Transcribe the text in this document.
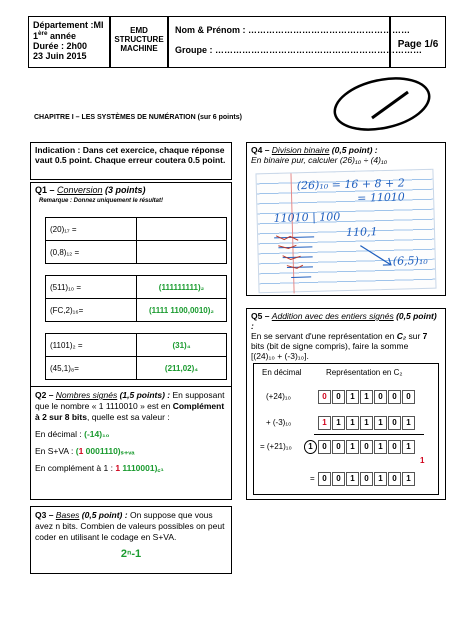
Département :MI
1ère année
Durée : 2h00
23 Juin 2015
EMD
STRUCTURE
MACHINE
Nom & Prénom : ………………………………………………
Groupe : ……………………………………………………………
Page 1/6
CHAPITRE I – LES SYSTÈMES DE NUMÉRATION (sur 6 points)
Indication : Dans cet exercice, chaque réponse vaut 0.5 point. Chaque erreur coutera 0.5 point.
Q1 – Conversion (3 points)
Remarque : Donnez uniquement le résultat!
(20)₁₇ =	
(0,8)₁₂ =	
(511)₁₀ =	(111111111)₂
(FC,2)₁₆=	(1111 1100,0010)₂
(1101)₂ =	(31)₄
(45,1)₈=	(211,02)₄
Q2 – Nombres signés (1,5 points) : En supposant que le nombre « 1 1110010 » est en Complément à 2 sur 8 bits, quelle est sa valeur :
En décimal : (-14)₁₀
En S+VA : (1 0001110)ₛ₊ᵥₐ
En complément à 1 : 1 1110001)꜀₁
Q3 – Bases (0,5 point) : On suppose que vous avez n bits. Combien de valeurs possibles on peut coder en utilisant le codage en S+VA.
2ⁿ-1
Q4 – Division binaire (0,5 point) :
En binaire pur, calculer (26)₁₀ ÷ (4)₁₀
(26)₁₀ = 16 + 8 + 2
= 11010
11010 | 100
110,1
(6,5)₁₀
Q5 – Addition avec des entiers signés (0,5 point) :
En se servant d'une représentation en C₂ sur 7 bits (bit de signe compris), faire la somme
[(24)₁₀ + (-3)₁₀].
En décimal	Représentation en C₂
(+24)₁₀	0 0 1 1 0 0 0
+ (-3)₁₀	1 1 1 1 1 0 1
= (+21)₁₀	1 0 0 1 0 1 0 1
1
= 0 0 1 0 1 0 1
